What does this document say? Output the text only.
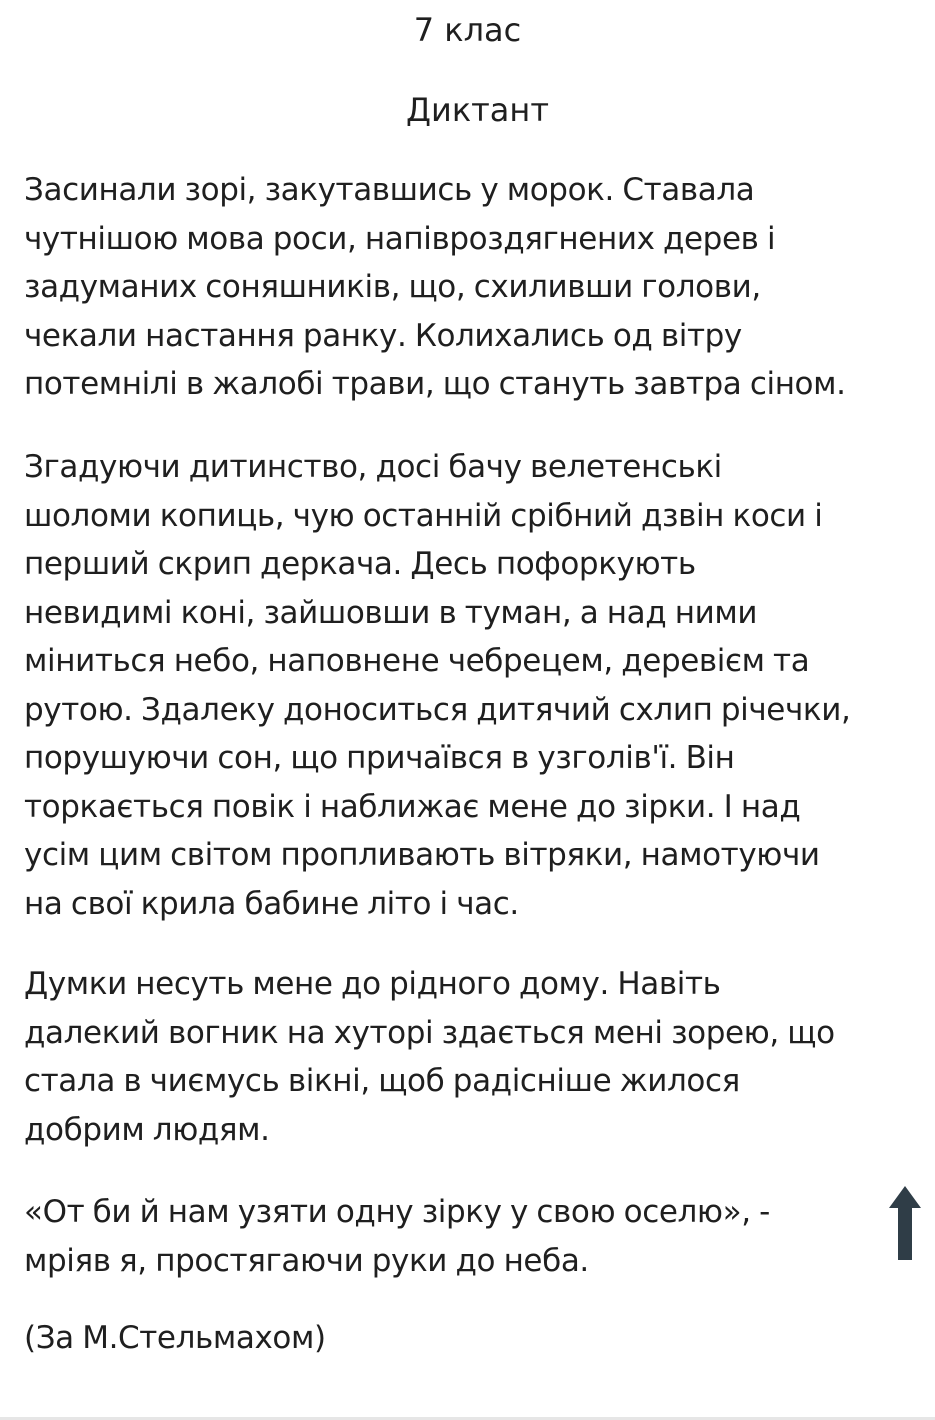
7 клас
Диктант
Засинали зорі, закутавшись у морок. Ставала
чутнішою мова роси, напівроздягнених дерев і
задуманих соняшників, що, схиливши голови,
чекали настання ранку. Колихались од вітру
потемнілі в жалобі трави, що стануть завтра сіном.
Згадуючи дитинство, досі бачу велетенські
шоломи копиць, чую останній срібний дзвін коси і
перший скрип деркача. Десь пофоркують
невидимі коні, зайшовши в туман, а над ними
міниться небо, наповнене чебрецем, деревієм та
рутою. Здалеку доноситься дитячий схлип річечки,
порушуючи сон, що причаївся в узголів'ї. Він
торкається повік і наближає мене до зірки. І над
усім цим світом пропливають вітряки, намотуючи
на свої крила бабине літо і час.
Думки несуть мене до рідного дому. Навіть
далекий вогник на хуторі здається мені зорею, що
стала в чиємусь вікні, щоб радісніше жилося
добрим людям.
«От би й нам узяти одну зірку у свою оселю», -
мріяв я, простягаючи руки до неба.
(За М.Стельмахом)
